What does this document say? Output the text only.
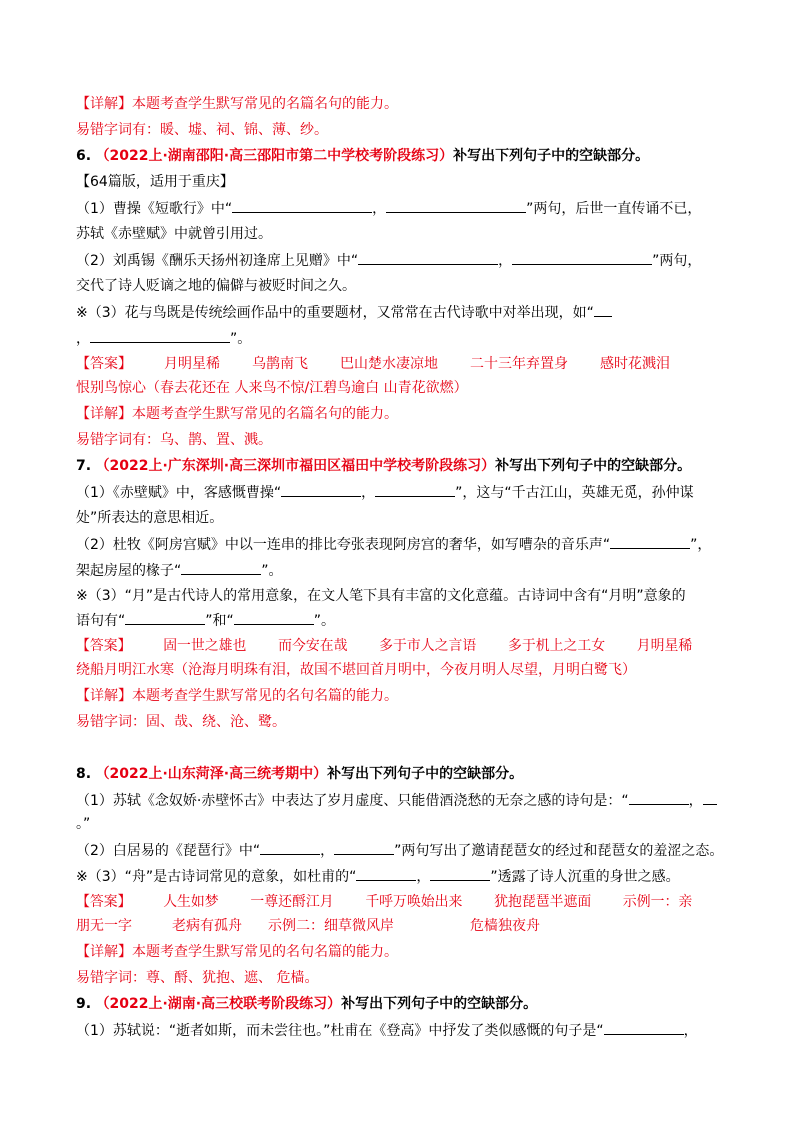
【详解】本题考查学生默写常见的名篇名句的能力。
易错字词有：暖、墟、祠、锦、薄、纱。
6. （2022上·湖南邵阳·高三邵阳市第二中学校考阶段练习）补写出下列句子中的空缺部分。
【64篇版，适用于重庆】
（1）曹操《短歌行》中“	，	”两句，后世一直传诵不已，
苏轼《赤壁赋》中就曾引用过。
（2）刘禹锡《酬乐天扬州初逢席上见赠》中“	，	”两句，
交代了诗人贬谪之地的偏僻与被贬时间之久。
※（3）花与鸟既是传统绘画作品中的重要题材，又常常在古代诗歌中对举出现，如“
，	”。
【答案】 月明星稀 乌鹊南飞 巴山楚水凄凉地 二十三年弃置身 感时花溅泪
恨别鸟惊心（春去花还在 人来鸟不惊/江碧鸟逾白 山青花欲燃）
【详解】本题考查学生默写常见的名篇名句的能力。
易错字词有：乌、鹊、置、溅。
7. （2022上·广东深圳·高三深圳市福田区福田中学校考阶段练习）补写出下列句子中的空缺部分。
（1）《赤壁赋》中，客感慨曹操“	，	”，这与“千古江山，英雄无觅，孙仲谋
处”所表达的意思相近。
（2）杜牧《阿房宫赋》中以一连串的排比夸张表现阿房宫的奢华，如写嘈杂的音乐声“	”，
架起房屋的椽子“	”。
※（3）“月”是古代诗人的常用意象，在文人笔下具有丰富的文化意蕴。古诗词中含有“月明”意象的
语句有“	”和“	”。
【答案】 固一世之雄也 而今安在哉 多于市人之言语 多于机上之工女 月明星稀
绕船月明江水寒（沧海月明珠有泪，故国不堪回首月明中，今夜月明人尽望，月明白鹭飞）
【详解】本题考查学生默写常见的名句名篇的能力。
易错字词：固、哉、绕、沧、鹭。
8. （2022上·山东菏泽·高三统考期中）补写出下列句子中的空缺部分。
（1）苏轼《念奴娇·赤壁怀古》中表达了岁月虚度、只能借酒浇愁的无奈之感的诗句是：“	，
。”
（2）白居易的《琵琶行》中“	，	”两句写出了邀请琵琶女的经过和琵琶女的羞涩之态。
※（3）“舟”是古诗词常见的意象，如杜甫的“	，	”透露了诗人沉重的身世之感。
【答案】 人生如梦 一尊还酹江月 千呼万唤始出来 犹抱琵琶半遮面 示例一：亲
朋无一字	老病有孤舟 示例二：细草微风岸	危樯独夜舟
【详解】本题考查学生默写常见的名句名篇的能力。
易错字词：尊、酹、犹抱、遮、 危樯。
9. （2022上·湖南·高三校联考阶段练习）补写出下列句子中的空缺部分。
（1）苏轼说：“逝者如斯，而未尝往也。”杜甫在《登高》中抒发了类似感慨的句子是“	，
